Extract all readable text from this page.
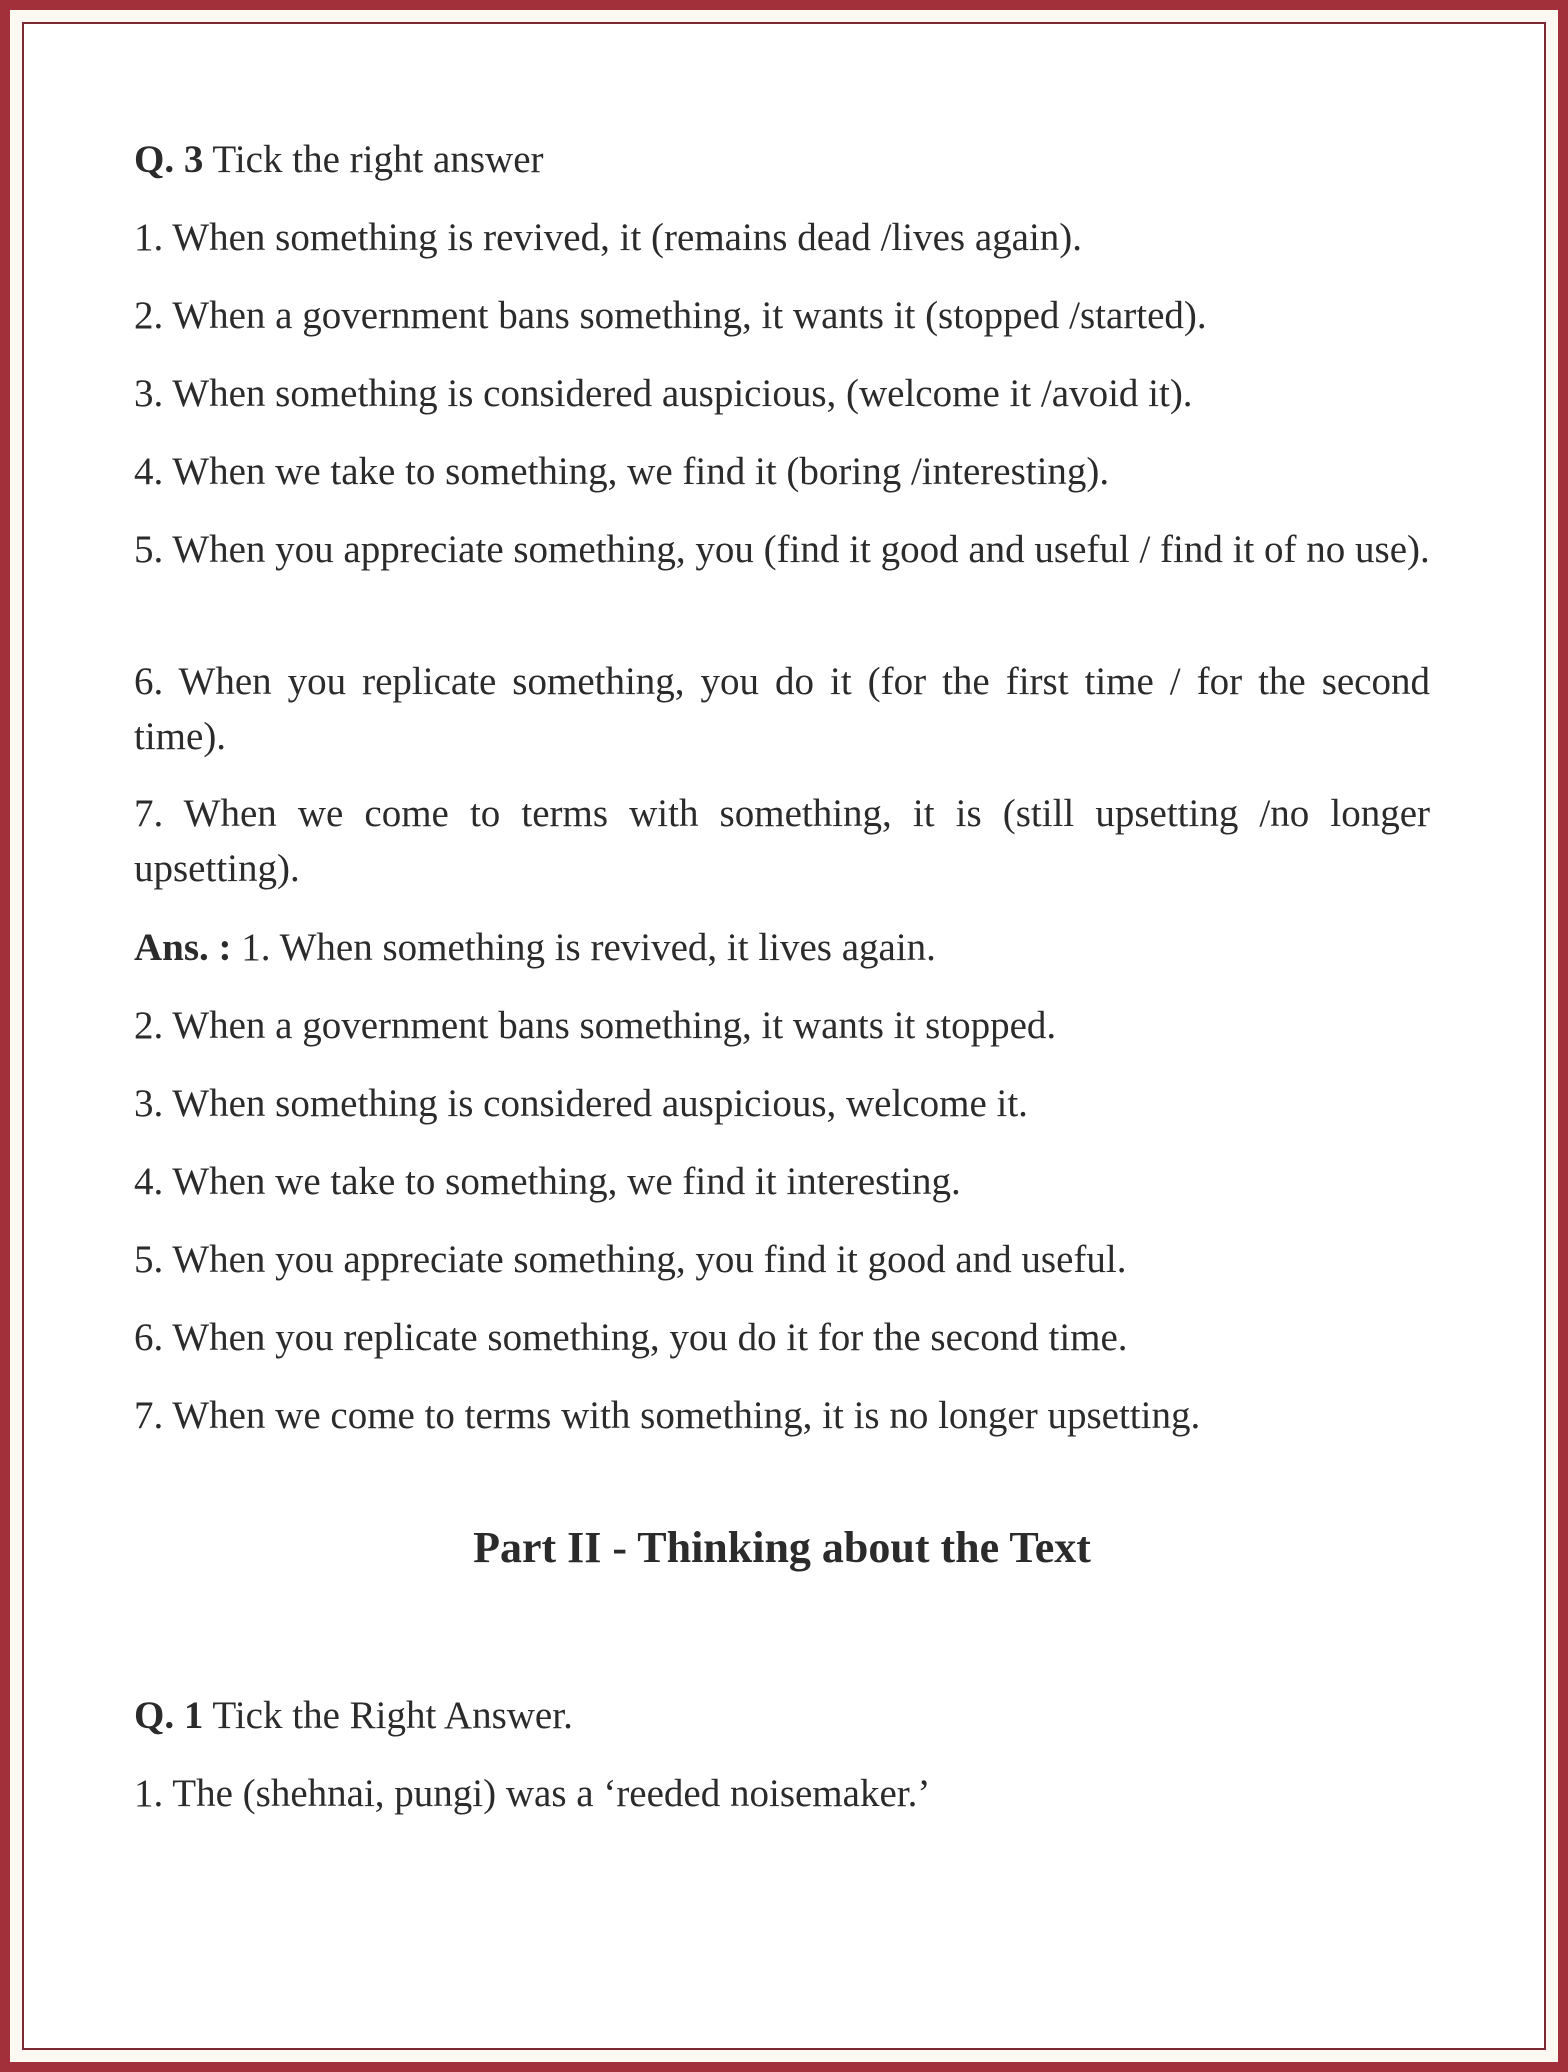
Q. 3 Tick the right answer

1. When something is revived, it (remains dead /lives again).

2. When a government bans something, it wants it (stopped /started).

3. When something is considered auspicious, (welcome it /avoid it).

4. When we take to something, we find it (boring /interesting).

5. When you appreciate something, you (find it good and useful / find it of no use).

6. When you replicate something, you do it (for the first time / for the second time).

7. When we come to terms with something, it is (still upsetting /no longer upsetting).

Ans. : 1. When something is revived, it lives again.

2. When a government bans something, it wants it stopped.

3. When something is considered auspicious, welcome it.

4. When we take to something, we find it interesting.

5. When you appreciate something, you find it good and useful.

6. When you replicate something, you do it for the second time.

7. When we come to terms with something, it is no longer upsetting.

Part II - Thinking about the Text

Q. 1 Tick the Right Answer.

1. The (shehnai, pungi) was a ‘reeded noisemaker.’
